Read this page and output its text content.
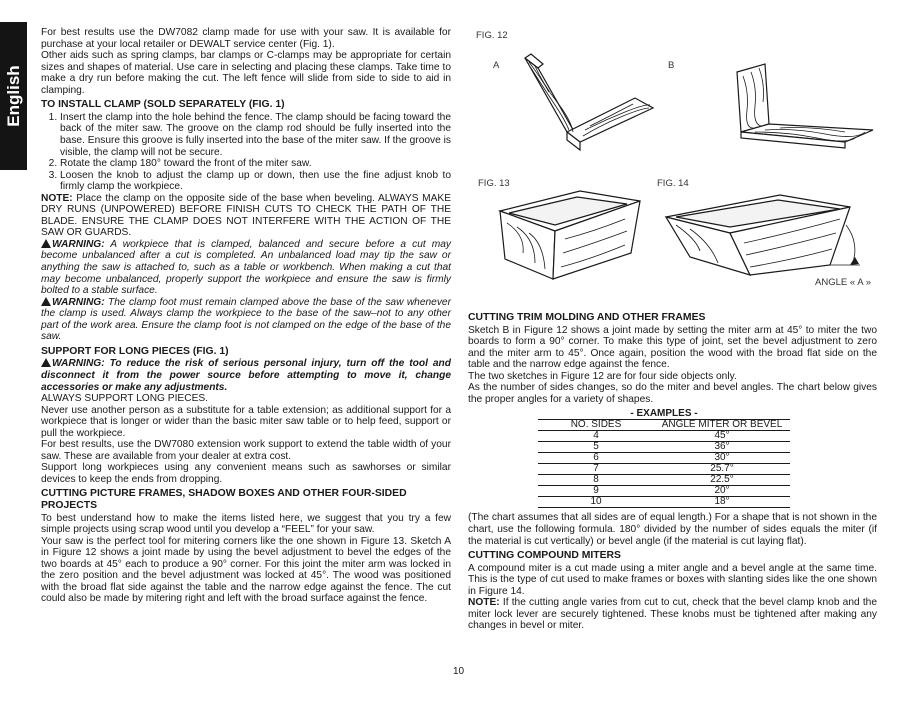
English

For best results use the DW7082 clamp made for use with your saw. It is available for purchase at your local retailer or DEWALT service center (Fig. 1).

Other aids such as spring clamps, bar clamps or C-clamps may be appropriate for certain sizes and shapes of material. Use care in selecting and placing these clamps. Take time to make a dry run before making the cut. The left fence will slide from side to side to aid in clamping.

TO INSTALL CLAMP (SOLD SEPARATELY (FIG. 1)
1. Insert the clamp into the hole behind the fence. The clamp should be facing toward the back of the miter saw. The groove on the clamp rod should be fully inserted into the base. Ensure this groove is fully inserted into the base of the miter saw. If the groove is visible, the clamp will not be secure.
2. Rotate the clamp 180° toward the front of the miter saw.
3. Loosen the knob to adjust the clamp up or down, then use the fine adjust knob to firmly clamp the workpiece.

NOTE: Place the clamp on the opposite side of the base when beveling. ALWAYS MAKE DRY RUNS (UNPOWERED) BEFORE FINISH CUTS TO CHECK THE PATH OF THE BLADE. ENSURE THE CLAMP DOES NOT INTERFERE WITH THE ACTION OF THE SAW OR GUARDS.

WARNING: A workpiece that is clamped, balanced and secure before a cut may become unbalanced after a cut is completed. An unbalanced load may tip the saw or anything the saw is attached to, such as a table or workbench. When making a cut that may become unbalanced, properly support the workpiece and ensure the saw is firmly bolted to a stable surface.

WARNING: The clamp foot must remain clamped above the base of the saw whenever the clamp is used. Always clamp the workpiece to the base of the saw–not to any other part of the work area. Ensure the clamp foot is not clamped on the edge of the base of the saw.

SUPPORT FOR LONG PIECES (FIG. 1)

WARNING: To reduce the risk of serious personal injury, turn off the tool and disconnect it from the power source before attempting to move it, change accessories or make any adjustments.

ALWAYS SUPPORT LONG PIECES.

Never use another person as a substitute for a table extension; as additional support for a workpiece that is longer or wider than the basic miter saw table or to help feed, support or pull the workpiece.

For best results, use the DW7080 extension work support to extend the table width of your saw. These are available from your dealer at extra cost.

Support long workpieces using any convenient means such as sawhorses or similar devices to keep the ends from dropping.

CUTTING PICTURE FRAMES, SHADOW BOXES AND OTHER FOUR-SIDED PROJECTS

To best understand how to make the items listed here, we suggest that you try a few simple projects using scrap wood until you develop a “FEEL” for your saw.

Your saw is the perfect tool for mitering corners like the one shown in Figure 13. Sketch A in Figure 12 shows a joint made by using the bevel adjustment to bevel the edges of the two boards at 45° each to produce a 90° corner. For this joint the miter arm was locked in the zero position and the bevel adjustment was locked at 45°. The wood was positioned with the broad flat side against the table and the narrow edge against the fence. The cut could also be made by mitering right and left with the broad surface against the fence.

FIG. 12
A	B
FIG. 13	FIG. 14
ANGLE « A »
CUTTING TRIM MOLDING AND OTHER FRAMES

Sketch B in Figure 12 shows a joint made by setting the miter arm at 45° to miter the two boards to form a 90° corner. To make this type of joint, set the bevel adjustment to zero and the miter arm to 45°. Once again, position the wood with the broad flat side on the table and the narrow edge against the fence.

The two sketches in Figure 12 are for four side objects only.

As the number of sides changes, so do the miter and bevel angles. The chart below gives the proper angles for a variety of shapes.

- EXAMPLES -	
NO. SIDES	ANGLE MITER OR BEVEL
4	45°
5	36°
6	30°
7	25.7°
8	22.5°
9	20°
10	18°

(The chart assumes that all sides are of equal length.) For a shape that is not shown in the chart, use the following formula. 180° divided by the number of sides equals the miter (if the material is cut vertically) or bevel angle (if the material is cut laying flat).

CUTTING COMPOUND MITERS

A compound miter is a cut made using a miter angle and a bevel angle at the same time. This is the type of cut used to make frames or boxes with slanting sides like the one shown in Figure 14.

NOTE: If the cutting angle varies from cut to cut, check that the bevel clamp knob and the miter lock lever are securely tightened. These knobs must be tightened after making any changes in bevel or miter.

10
